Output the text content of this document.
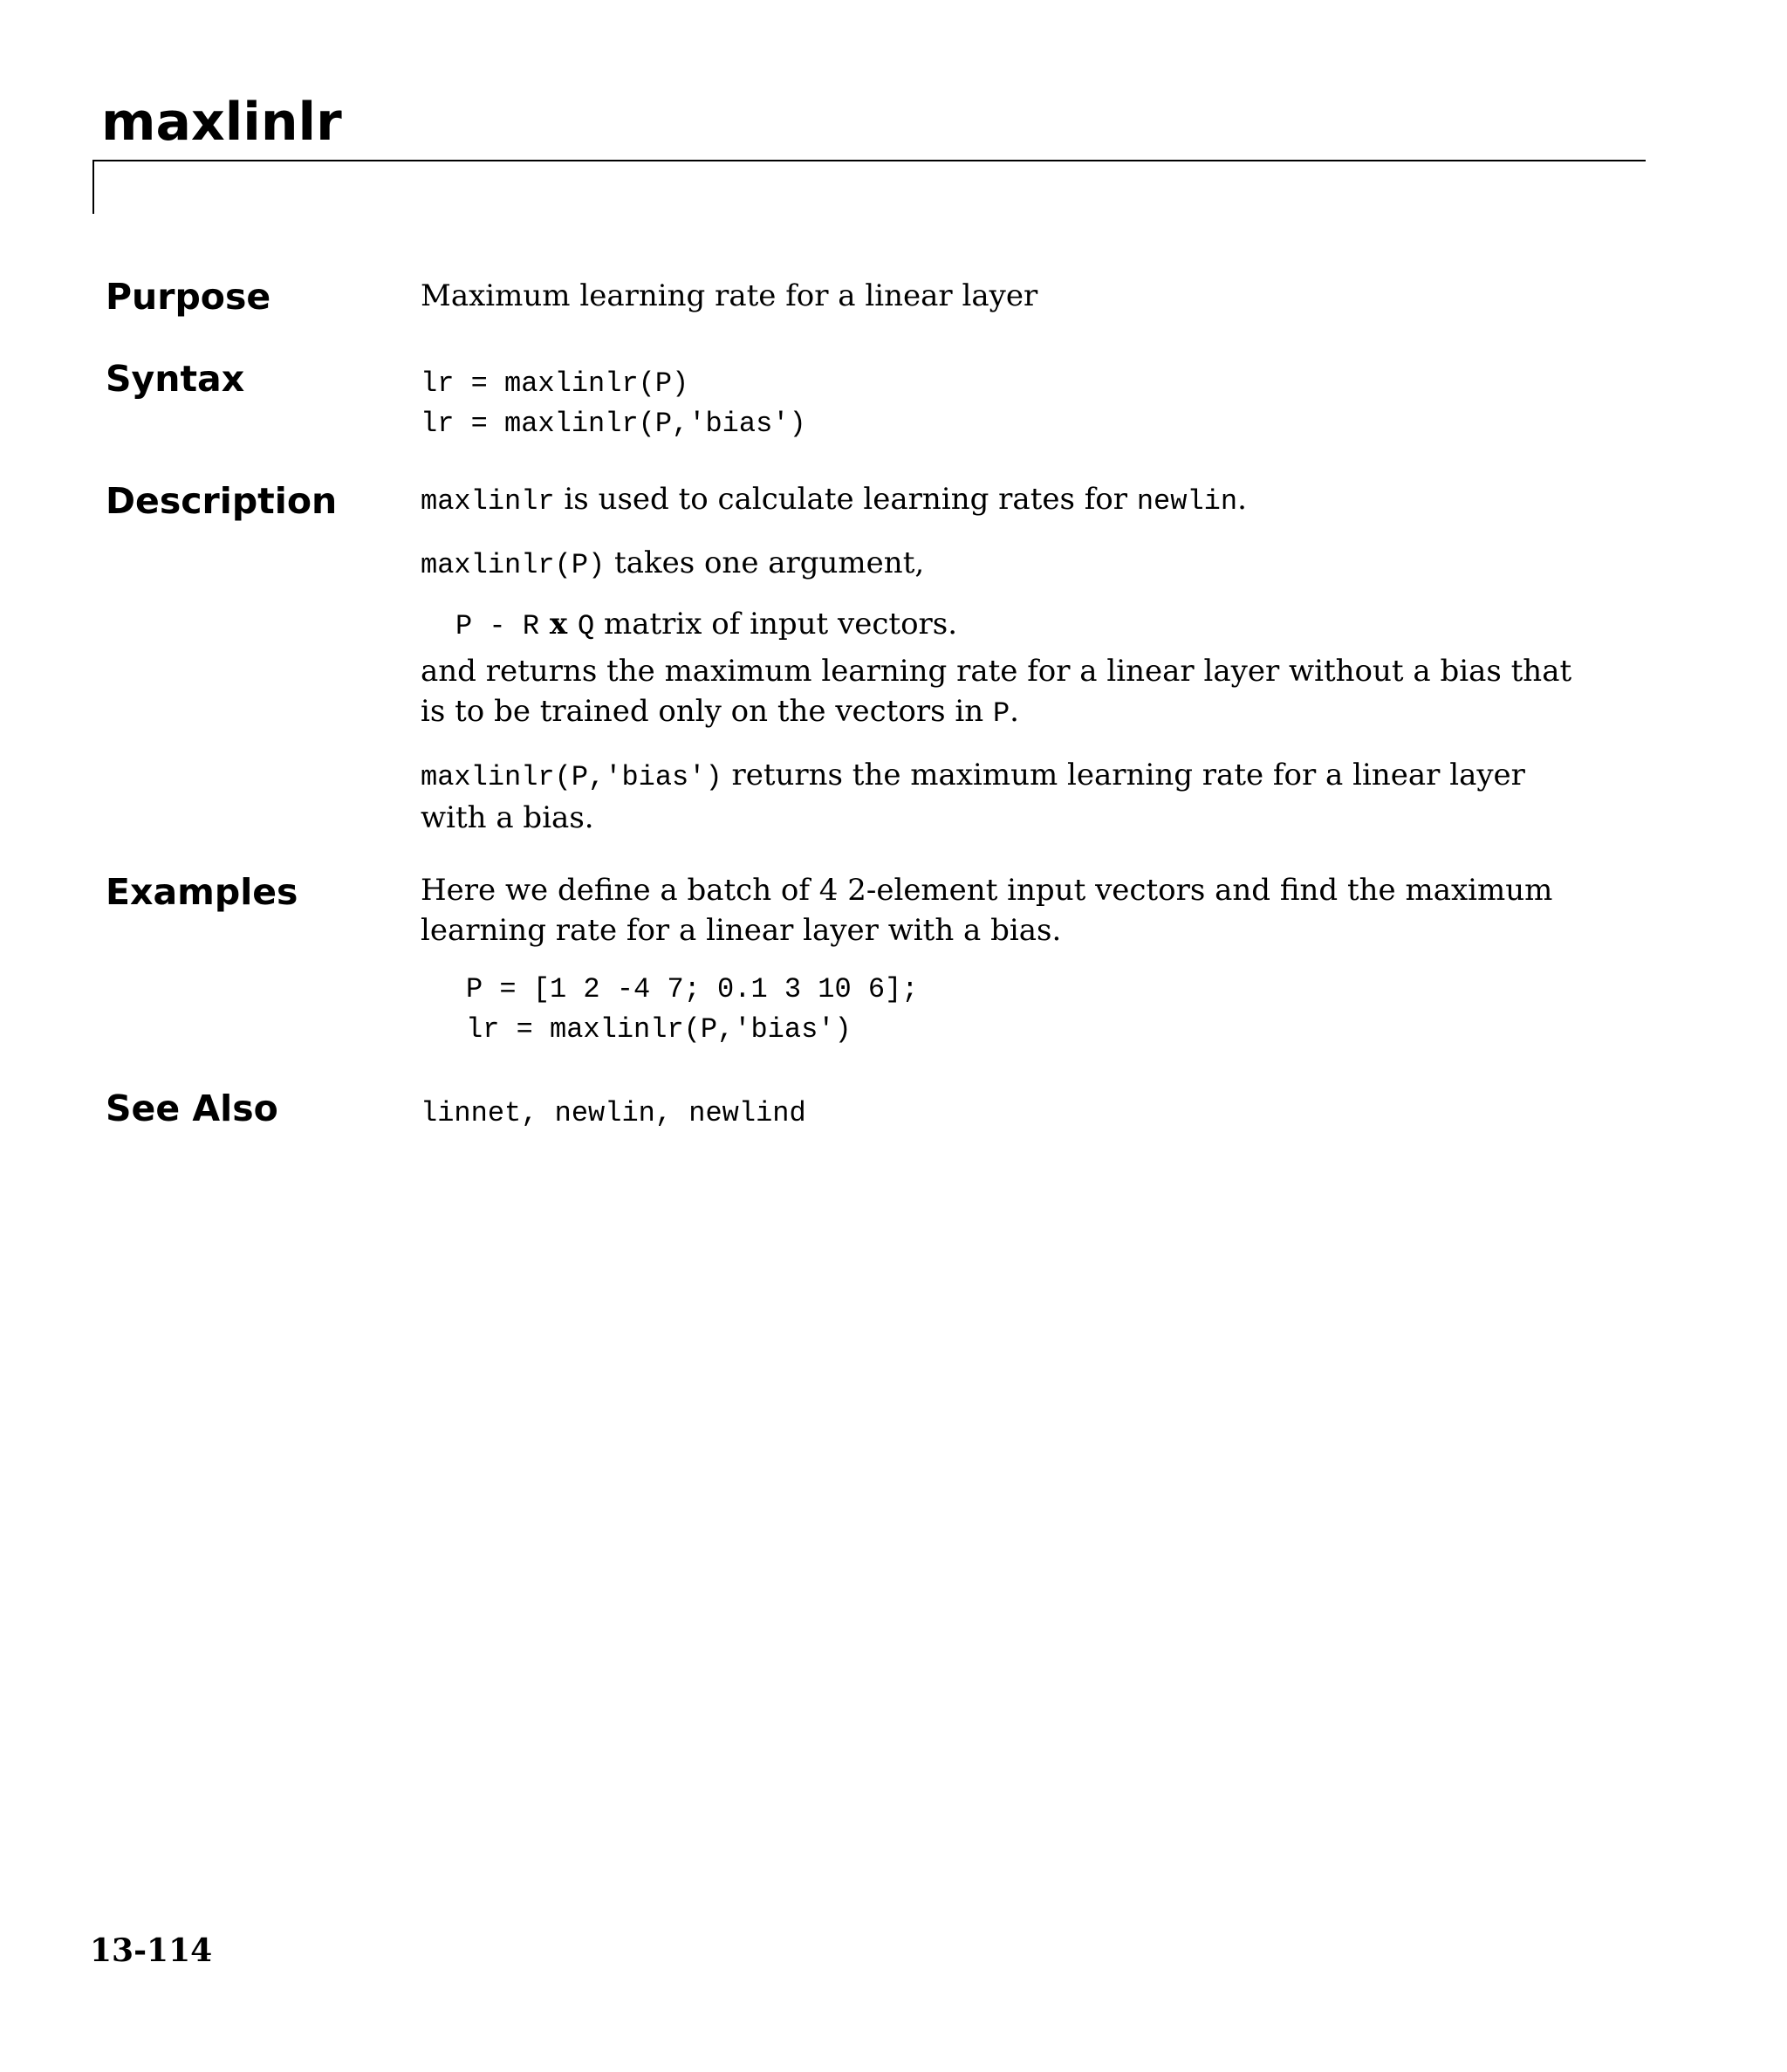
maxlinlr
Purpose	Maximum learning rate for a linear layer

Syntax	lr = maxlinlr(P)
lr = maxlinlr(P,'bias')
Description	maxlinlr is used to calculate learning rates for newlin.

maxlinlr(P) takes one argument,

P - R x Q matrix of input vectors.

and returns the maximum learning rate for a linear layer without a bias that is to be trained only on the vectors in P.

maxlinlr(P,'bias') returns the maximum learning rate for a linear layer with a bias.

Examples	Here we define a batch of 4 2-element input vectors and find the maximum learning rate for a linear layer with a bias.

P = [1 2 -4 7; 0.1 3 10 6];
lr = maxlinlr(P,'bias')
See Also	linnet, newlin, newlind
13-114
